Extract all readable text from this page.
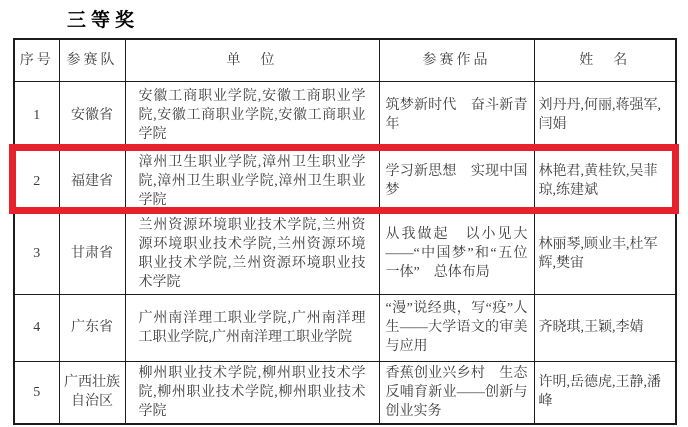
三等奖
序号	参赛队	单　位	参赛作品	姓　名
1	安徽省	安徽工商职业学院,安徽工商职业学院,安徽工商职业学院,安徽工商职业学院	筑梦新时代　奋斗新青年	刘丹丹,何丽,蒋强军,闫娟
2	福建省	漳州卫生职业学院,漳州卫生职业学院,漳州卫生职业学院,漳州卫生职业学院	学习新思想　实现中国梦	林艳君,黄桂钦,吴菲琼,练建斌
3	甘肃省	兰州资源环境职业技术学院,兰州资源环境职业技术学院,兰州资源环境职业技术学院,兰州资源环境职业技术学院	从我做起　以小见大——“中国梦”和“五位一体”　总体布局	林丽琴,顾业丰,杜军辉,樊宙
4	广东省	广州南洋理工职业学院,广州南洋理工职业学院,广州南洋理工职业学院	“漫”说经典，写“疫”人生——大学语文的审美与应用	齐晓琪,王颖,李婧
5	广西壮族自治区	柳州职业技术学院,柳州职业技术学院,柳州职业技术学院,柳州职业技术学院	香蕉创业兴乡村　生态反哺育新业——创新与创业实务	许明,岳德虎,王静,潘峰
